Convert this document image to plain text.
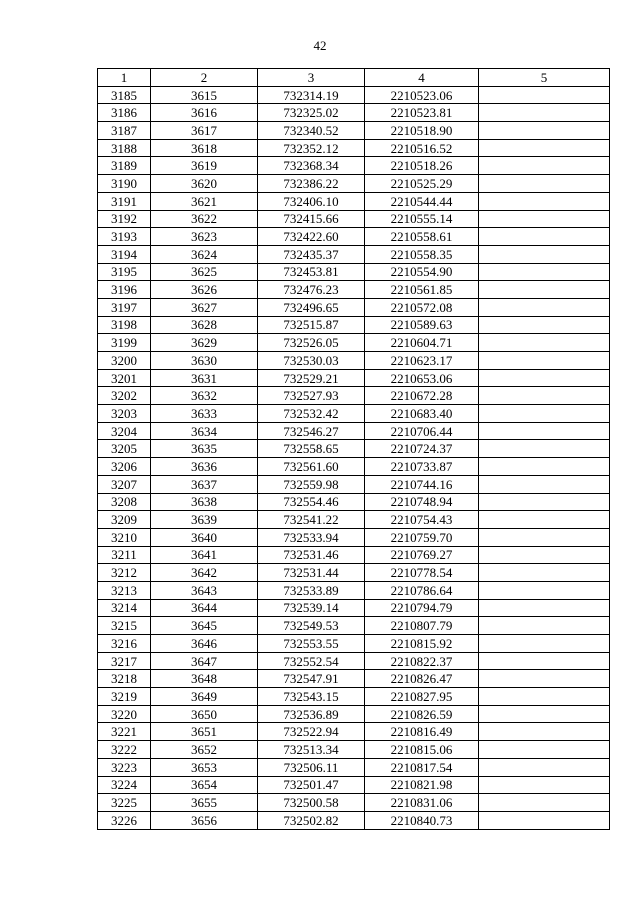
42
1	2	3	4	5
3185	3615	732314.19	2210523.06	
3186	3616	732325.02	2210523.81	
3187	3617	732340.52	2210518.90	
3188	3618	732352.12	2210516.52	
3189	3619	732368.34	2210518.26	
3190	3620	732386.22	2210525.29	
3191	3621	732406.10	2210544.44	
3192	3622	732415.66	2210555.14	
3193	3623	732422.60	2210558.61	
3194	3624	732435.37	2210558.35	
3195	3625	732453.81	2210554.90	
3196	3626	732476.23	2210561.85	
3197	3627	732496.65	2210572.08	
3198	3628	732515.87	2210589.63	
3199	3629	732526.05	2210604.71	
3200	3630	732530.03	2210623.17	
3201	3631	732529.21	2210653.06	
3202	3632	732527.93	2210672.28	
3203	3633	732532.42	2210683.40	
3204	3634	732546.27	2210706.44	
3205	3635	732558.65	2210724.37	
3206	3636	732561.60	2210733.87	
3207	3637	732559.98	2210744.16	
3208	3638	732554.46	2210748.94	
3209	3639	732541.22	2210754.43	
3210	3640	732533.94	2210759.70	
3211	3641	732531.46	2210769.27	
3212	3642	732531.44	2210778.54	
3213	3643	732533.89	2210786.64	
3214	3644	732539.14	2210794.79	
3215	3645	732549.53	2210807.79	
3216	3646	732553.55	2210815.92	
3217	3647	732552.54	2210822.37	
3218	3648	732547.91	2210826.47	
3219	3649	732543.15	2210827.95	
3220	3650	732536.89	2210826.59	
3221	3651	732522.94	2210816.49	
3222	3652	732513.34	2210815.06	
3223	3653	732506.11	2210817.54	
3224	3654	732501.47	2210821.98	
3225	3655	732500.58	2210831.06	
3226	3656	732502.82	2210840.73	
